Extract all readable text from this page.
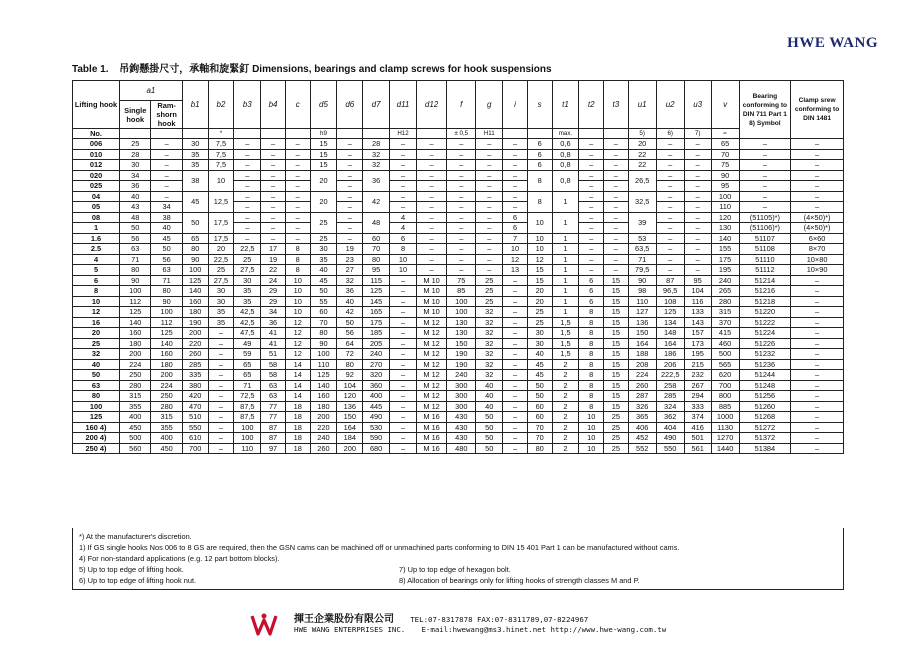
HWE WANG
Table 1. 吊鉤懸掛尺寸，承軸和旋緊釘 Dimensions, bearings and clamp screws for hook suspensions
Lifting hook	a1		b1	b2	b3	b4	c	d5	d6	d7	d11	d12	f	g	i	s	t1	t2	t3	u1	u2	u3	v	Bearing conforming to DIN 711 Part 1 8) Symbol	Clamp srew conforming to DIN 1481
	Single hook	Ram-shorn hook																							
No.				*				h9			H12		± 0,5	H11			max.			5)	6)	7)	≈		
006	25	–	30	7,5	–	–	–	15	–	28	–	–	–	–	–	6	0,6	–	–	20	–	–	65	–	–
010	28	–	35	7,5	–	–	–	15	–	32	–	–	–	–	–	6	0,8	–	–	22	–	–	70	–	–
012	30	–	35	7,5	–	–	–	15	–	32	–	–	–	–	–	6	0,8	–	–	22	–	–	75	–	–
020	34	–	38	10	–	–	–	20	–	36	–	–	–	–	–	8	0,8	–	–	26,5	–	–	90	–	–
025	36	–			–	–	–		–		–	–	–	–	–			–	–		–	–	95	–	–
04	40	–	45	12,5	–	–	–	20	–	42	–	–	–	–	–	8	1	–	–	32,5	–	–	100	–	–
05	43	34			–	–	–		–		–	–	–	–	–			–	–		–	–	110	–	–
08	48	38	50	17,5	–	–	–	25	–	48	4	–	–	–	6	10	1	–	–	39	–	–	120	(51105)*)	(4×50)*)
1	50	40			–	–	–		–		4	–	–	–	6			–	–		–	–	130	(51106)*)	(4×50)*)
1.6	56	45	65	17,5	–	–	–	25	–	60	6	–	–	–	7	10	1	–	–	53	–	–	140	51107	6×60
2.5	63	50	80	20	22,5	17	8	30	19	70	8	–	–	–	10	10	1	–	–	63,5	–	–	155	51108	8×70
4	71	56	90	22,5	25	19	8	35	23	80	10	–	–	–	12	12	1	–	–	71	–	–	175	51110	10×80
5	80	63	100	25	27,5	22	8	40	27	95	10	–	–	–	13	15	1	–	–	79,5	–	–	195	51112	10×90
6	90	71	125	27,5	30	24	10	45	32	115	–	M 10	75	25	–	15	1	6	15	90	87	95	240	51214	–
8	100	80	140	30	35	29	10	50	36	125	–	M 10	85	25	–	20	1	6	15	98	96,5	104	265	51216	–
10	112	90	160	30	35	29	10	55	40	145	–	M 10	100	25	–	20	1	6	15	110	108	116	280	51218	–
12	125	100	180	35	42,5	34	10	60	42	165	–	M 10	100	32	–	25	1	8	15	127	125	133	315	51220	–
16	140	112	190	35	42,5	36	12	70	50	175	–	M 12	130	32	–	25	1,5	8	15	136	134	143	370	51222	–
20	160	125	200	–	47,5	41	12	80	56	185	–	M 12	130	32	–	30	1,5	8	15	150	148	157	415	51224	–
25	180	140	220	–	49	41	12	90	64	205	–	M 12	150	32	–	30	1,5	8	15	164	164	173	460	51226	–
32	200	160	260	–	59	51	12	100	72	240	–	M 12	190	32	–	40	1,5	8	15	188	186	195	500	51232	–
40	224	180	285	–	65	58	14	110	80	270	–	M 12	190	32	–	45	2	8	15	208	206	215	565	51236	–
50	250	200	335	–	65	58	14	125	92	320	–	M 12	240	32	–	45	2	8	15	224	222,5	232	620	51244	–
63	280	224	380	–	71	63	14	140	104	360	–	M 12	300	40	–	50	2	8	15	260	258	267	700	51248	–
80	315	250	420	–	72,5	63	14	160	120	400	–	M 12	300	40	–	50	2	8	15	287	285	294	800	51256	–
100	355	280	470	–	87,5	77	18	180	136	445	–	M 12	300	40	–	60	2	8	15	326	324	333	885	51260	–
125	400	315	510	–	87,5	77	18	200	150	490	–	M 16	430	50	–	60	2	10	25	365	362	374	1000	51268	–
160 4)	450	355	550	–	100	87	18	220	164	530	–	M 16	430	50	–	70	2	10	25	406	404	416	1130	51272	–
200 4)	500	400	610	–	100	87	18	240	184	590	–	M 16	430	50	–	70	2	10	25	452	490	501	1270	51372	–
250 4)	560	450	700	–	110	97	18	260	200	680	–	M 16	480	50	–	80	2	10	25	552	550	561	1440	51384	–
*) At the manufacturer's discretion.
1) If GS single hooks Nos 006 to 8 GS are required, then the GSN cams can be machined off or unmachined parts conforming to DIN 15 401 Part 1 can be manufactured without cams.
4) For non-standard applications (e.g. 12 part bottom blocks).
5) Up to top edge of lifting hook.	7) Up to top edge of hexagon bolt.
6) Up to top edge of lifting hook nut.	8) Allocation of bearings only for lifting hooks of strength classes M and P.
揮王企業股份有限公司 TEL:07-8317878 FAX:07-8311789,07-8224967
HWE WANG ENTERPRISES INC. E-mail:hwewang@ms3.hinet.net http://www.hwe-wang.com.tw
